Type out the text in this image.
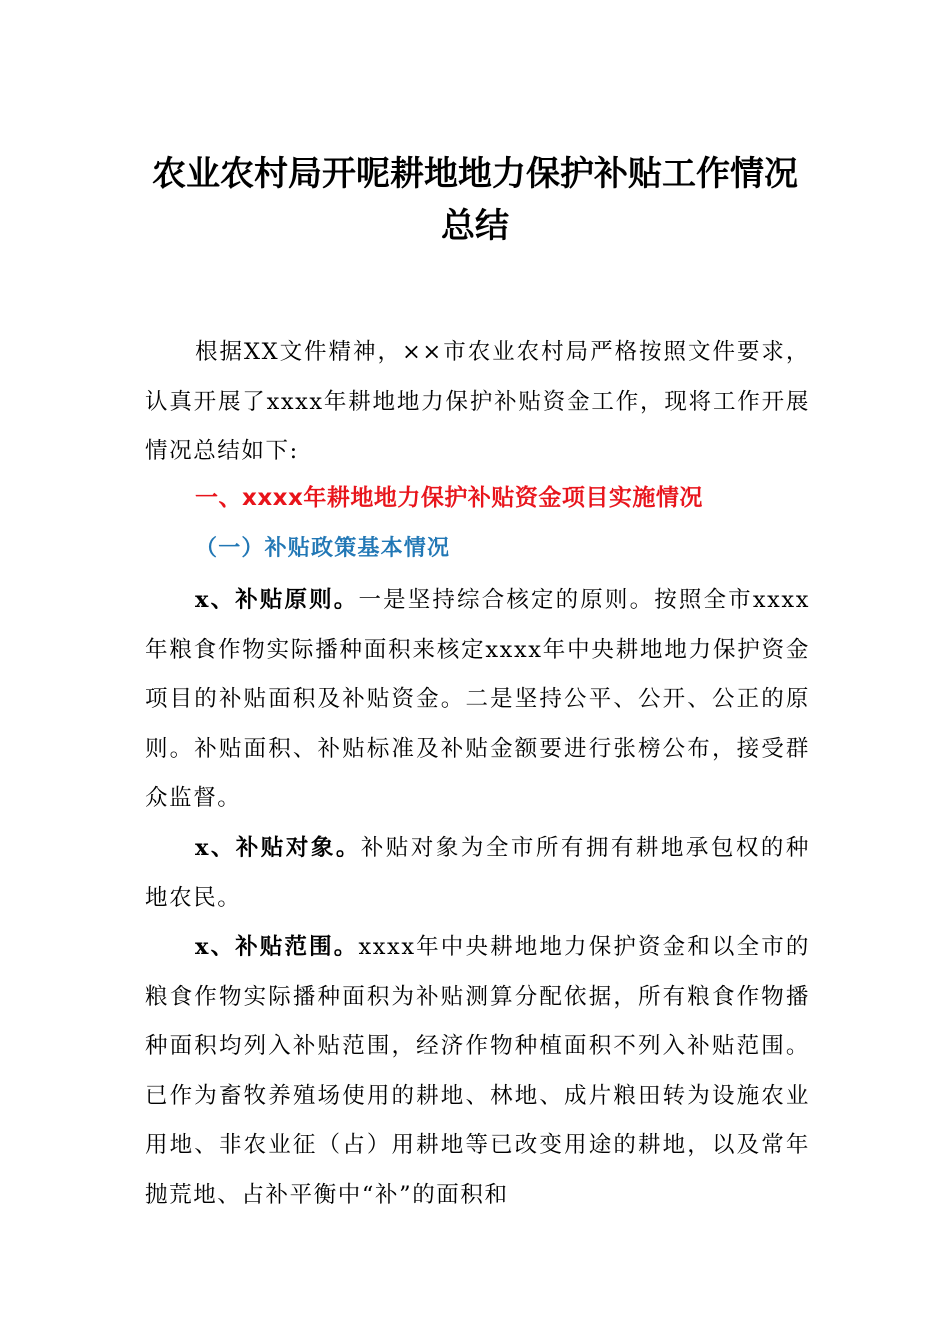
农业农村局开呢耕地地力保护补贴工作情况总结

根据XX文件精神，××市农业农村局严格按照文件要求，认真开展了xxxx年耕地地力保护补贴资金工作，现将工作开展情况总结如下:

一、xxxx年耕地地力保护补贴资金项目实施情况
（一）补贴政策基本情况

x、补贴原则。一是坚持综合核定的原则。按照全市xxxx年粮食作物实际播种面积来核定xxxx年中央耕地地力保护资金项目的补贴面积及补贴资金。二是坚持公平、公开、公正的原则。补贴面积、补贴标准及补贴金额要进行张榜公布，接受群众监督。

x、补贴对象。补贴对象为全市所有拥有耕地承包权的种地农民。

x、补贴范围。xxxx年中央耕地地力保护资金和以全市的粮食作物实际播种面积为补贴测算分配依据，所有粮食作物播种面积均列入补贴范围，经济作物种植面积不列入补贴范围。已作为畜牧养殖场使用的耕地、林地、成片粮田转为设施农业用地、非农业征（占）用耕地等已改变用途的耕地，以及常年抛荒地、占补平衡中“补”的面积和
